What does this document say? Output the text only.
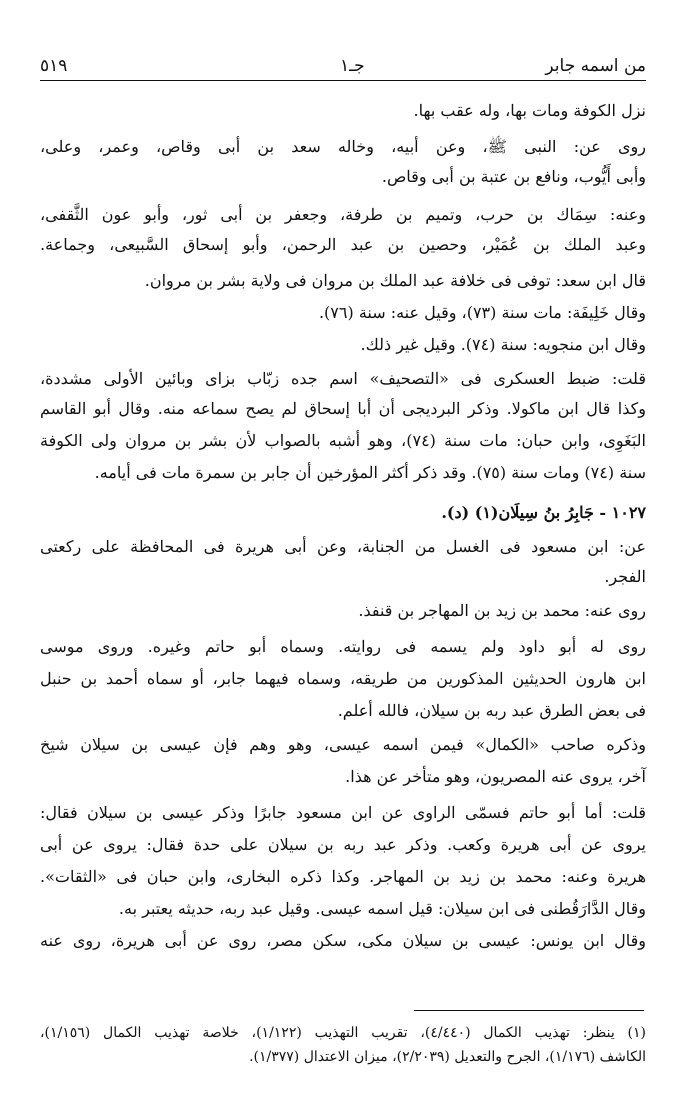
من اسمه جابر
جـ١
٥١٩
نزل الكوفة ومات بها، وله عقب بها.
روى عن: النبى ﷺ، وعن أبيه، وخاله سعد بن أبى وقاص، وعمر، وعلى،
وأبى أَيُّوب، ونافع بن عتبة بن أبى وقاص.
وعنه: سِمَاك بن حرب، وتميم بن طرفة، وجعفر بن أبى ثور، وأبو عون الثَّقفى،
وعبد الملك بن عُمَيْر، وحصين بن عبد الرحمن، وأبو إسحاق السَّبيعى، وجماعة.
قال ابن سعد: توفى فى خلافة عبد الملك بن مروان فى ولاية بشر بن مروان.
وقال خَلِيفَة: مات سنة (٧٣)، وقيل عنه: سنة (٧٦).
وقال ابن منجويه: سنة (٧٤). وقيل غير ذلك.
قلت: ضبط العسكرى فى «التصحيف» اسم جده زبّاب بزاى وبائين الأولى مشددة،
وكذا قال ابن ماكولا. وذكر البرديجى أن أبا إسحاق لم يصح سماعه منه. وقال أبو القاسم
البَغَوِى، وابن حبان: مات سنة (٧٤)، وهو أشبه بالصواب لأن بشر بن مروان ولى الكوفة
سنة (٧٤) ومات سنة (٧٥). وقد ذكر أكثر المؤرخين أن جابر بن سمرة مات فى أيامه.
١٠٢٧ - جَابِرُ بنُ سِيلَان(١) (د).
عن: ابن مسعود فى الغسل من الجنابة، وعن أبى هريرة فى المحافظة على ركعتى
الفجر.
روى عنه: محمد بن زيد بن المهاجر بن قنفذ.
روى له أبو داود ولم يسمه فى روايته. وسماه أبو حاتم وغيره. وروى موسى
ابن هارون الحديثين المذكورين من طريقه، وسماه فيهما جابر، أو سماه أحمد بن حنبل
فى بعض الطرق عبد ربه بن سيلان، فالله أعلم.
وذكره صاحب «الكمال» فيمن اسمه عيسى، وهو وهم فإن عيسى بن سيلان شيخ
آخر، يروى عنه المصريون، وهو متأخر عن هذا.
قلت: أما أبو حاتم فسمّى الراوى عن ابن مسعود جابرًا وذكر عيسى بن سيلان فقال:
يروى عن أبى هريرة وكعب. وذكر عبد ربه بن سيلان على حدة فقال: يروى عن أبى
هريرة وعنه: محمد بن زيد بن المهاجر. وكذا ذكره البخارى، وابن حبان فى «الثقات».
وقال الدَّارَقُطنى فى ابن سيلان: قيل اسمه عيسى. وقيل عبد ربه، حديثه يعتبر به.
وقال ابن يونس: عيسى بن سيلان مكى، سكن مصر، روى عن أبى هريرة، روى عنه
(١) ينظر: تهذيب الكمال (٤/٤٤٠)، تقريب التهذيب (١/١٢٢)، خلاصة تهذيب الكمال (١/١٥٦)،
الكاشف (١/١٧٦)، الجرح والتعديل (٢/٢٠٣٩)، ميزان الاعتدال (١/٣٧٧).
